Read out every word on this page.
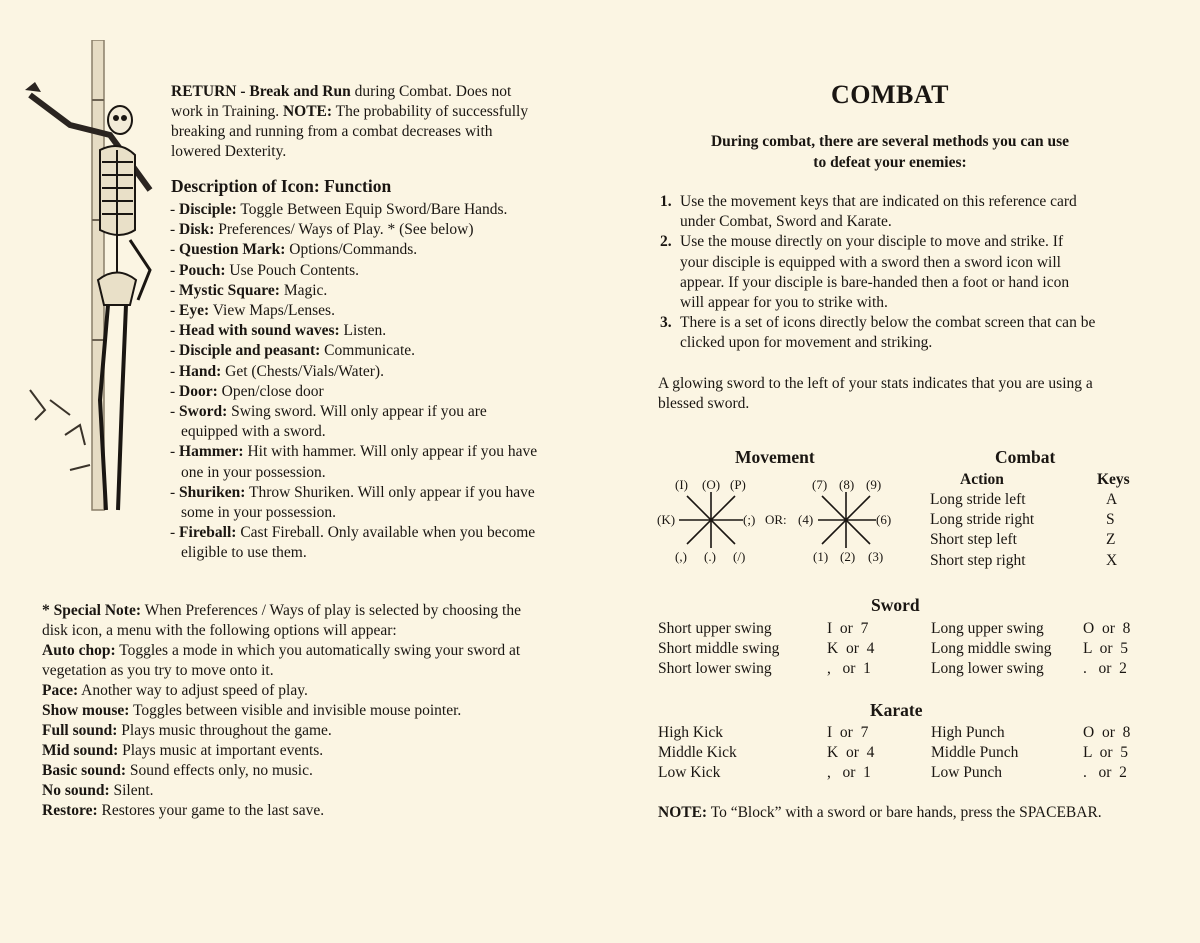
RETURN - Break and Run during Combat. Does not
work in Training. NOTE: The probability of successfully
breaking and running from a combat decreases with
lowered Dexterity.
Description of Icon: Function
- Disciple: Toggle Between Equip Sword/Bare Hands.
- Disk: Preferences/ Ways of Play. * (See below)
- Question Mark: Options/Commands.
- Pouch: Use Pouch Contents.
- Mystic Square: Magic.
- Eye: View Maps/Lenses.
- Head with sound waves: Listen.
- Disciple and peasant: Communicate.
- Hand: Get (Chests/Vials/Water).
- Door: Open/close door
- Sword: Swing sword. Will only appear if you are
equipped with a sword.
- Hammer: Hit with hammer. Will only appear if you have
one in your possession.
- Shuriken: Throw Shuriken. Will only appear if you have
some in your possession.
- Fireball: Cast Fireball. Only available when you become
eligible to use them.
* Special Note: When Preferences / Ways of play is selected by choosing the
disk icon, a menu with the following options will appear:
Auto chop: Toggles a mode in which you automatically swing your sword at
vegetation as you try to move onto it.
Pace: Another way to adjust speed of play.
Show mouse: Toggles between visible and invisible mouse pointer.
Full sound: Plays music throughout the game.
Mid sound: Plays music at important events.
Basic sound: Sound effects only, no music.
No sound: Silent.
Restore: Restores your game to the last save.
COMBAT
During combat, there are several methods you can use
to defeat your enemies:
1. Use the movement keys that are indicated on this reference card
under Combat, Sword and Karate.
2. Use the mouse directly on your disciple to move and strike. If
your disciple is equipped with a sword then a sword icon will
appear. If your disciple is bare-handed then a foot or hand icon
will appear for you to strike with.
3. There is a set of icons directly below the combat screen that can be
clicked upon for movement and striking.
A glowing sword to the left of your stats indicates that you are using a
blessed sword.
Movement
(I) (O) (P)
(K)	(;)
(,) (.) (/)
OR:
(7) (8) (9)
(4)	(6)
(1) (2) (3)
Combat
Action	Keys
Long stride left	A
Long stride right	S
Short step left	Z
Short step right	X
Sword
Short upper swing	I  or  7	Long upper swing	O  or  8
Short middle swing	K  or  4	Long middle swing L  or  5
Short lower swing	,   or  1	Long lower swing	.   or  2
Karate
High Kick	I  or  7	High Punch	O  or  8
Middle Kick	K  or  4	Middle Punch	L  or  5
Low Kick	,   or  1	Low Punch	.   or  2
NOTE: To “Block” with a sword or bare hands, press the SPACEBAR.
